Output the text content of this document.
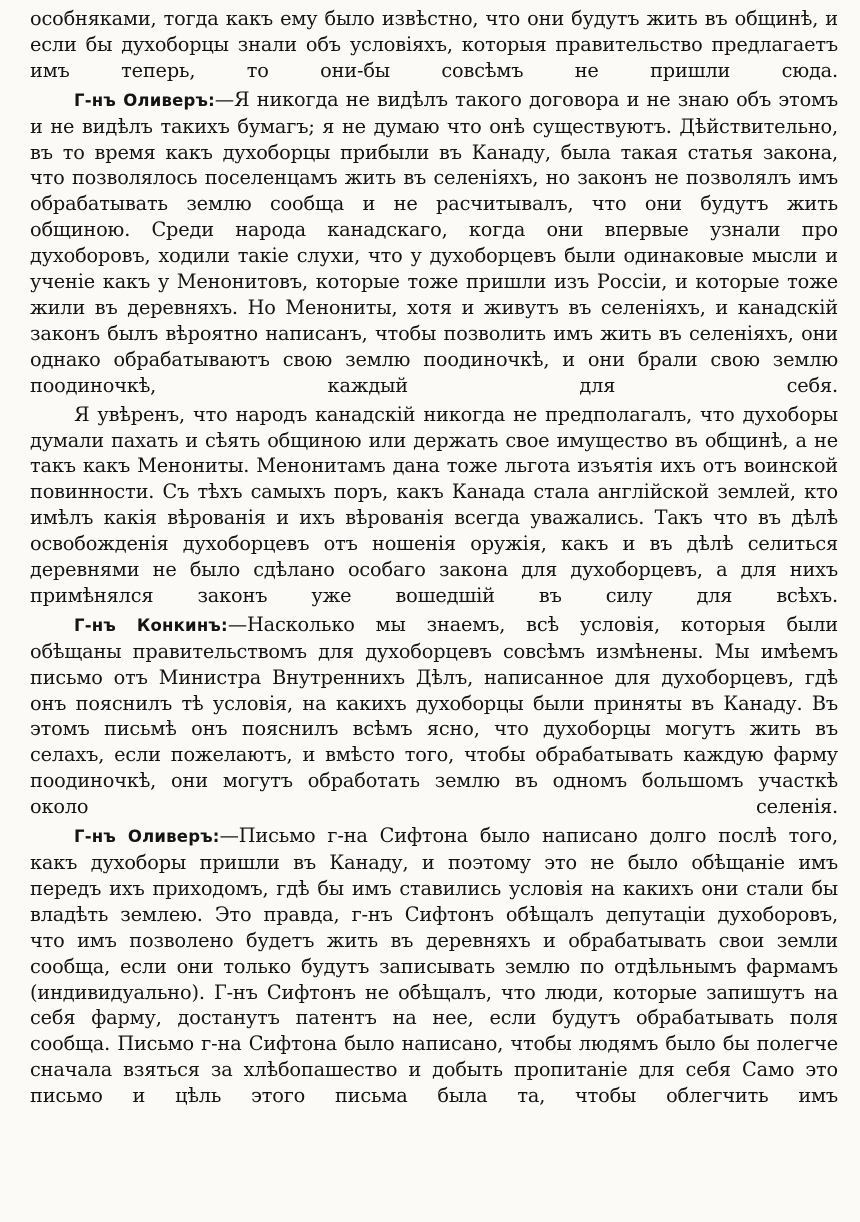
особняками, тогда какъ ему было извѣстно, что они будутъ жить въ общинѣ, и если бы духоборцы знали объ условіяхъ, которыя правительство предлагаетъ имъ теперь, то они-бы совсѣмъ не пришли сюда.

Г-нъ Оливеръ:—Я никогда не видѣлъ такого договора и не знаю объ этомъ и не видѣлъ такихъ бумагъ; я не думаю что онѣ существуютъ. Дѣйствительно, въ то время какъ духоборцы прибыли въ Канаду, была такая статья закона, что позволялось поселенцамъ жить въ селеніяхъ, но законъ не позволялъ имъ обрабатывать землю сообща и не расчитывалъ, что они будутъ жить общиною. Среди народа канадскаго, когда они впервые узнали про духоборовъ, ходили такіе слухи, что у духоборцевъ были одинаковые мысли и ученіе какъ у Менонитовъ, которые тоже пришли изъ Россіи, и которые тоже жили въ деревняхъ. Но Менониты, хотя и живутъ въ селеніяхъ, и канадскій законъ былъ вѣроятно написанъ, чтобы позволить имъ жить въ селеніяхъ, они однако обрабатываютъ свою землю поодиночкѣ, и они брали свою землю поодиночкѣ, каждый для себя.

Я увѣренъ, что народъ канадскій никогда не предполагалъ, что духоборы думали пахать и сѣять общиною или держать свое имущество въ общинѣ, а не такъ какъ Менониты. Менонитамъ дана тоже льгота изъятія ихъ отъ воинской повинности. Съ тѣхъ самыхъ поръ, какъ Канада стала англійской землей, кто имѣлъ какія вѣрованія и ихъ вѣрованія всегда уважались. Такъ что въ дѣлѣ освобожденія духоборцевъ отъ ношенія оружія, какъ и въ дѣлѣ селиться деревнями не было сдѣлано особаго закона для духоборцевъ, а для нихъ примѣнялся законъ уже вошедшій въ силу для всѣхъ.

Г-нъ Конкинъ:—Насколько мы знаемъ, всѣ условія, которыя были обѣщаны правительствомъ для духоборцевъ совсѣмъ измѣнены. Мы имѣемъ письмо отъ Министра Внутреннихъ Дѣлъ, написанное для духоборцевъ, гдѣ онъ пояснилъ тѣ условія, на какихъ духоборцы были приняты въ Канаду. Въ этомъ письмѣ онъ пояснилъ всѣмъ ясно, что духоборцы могутъ жить въ селахъ, если пожелаютъ, и вмѣсто того, чтобы обрабатывать каждую фарму поодиночкѣ, они могутъ обработать землю въ одномъ большомъ участкѣ около селенія.

Г-нъ Оливеръ:—Письмо г-на Сифтона было написано долго послѣ того, какъ духоборы пришли въ Канаду, и поэтому это не было обѣщаніе имъ передъ ихъ приходомъ, гдѣ бы имъ ставились условія на какихъ они стали бы владѣть землею. Это правда, г-нъ Сифтонъ обѣщалъ депутаціи духоборовъ, что имъ позволено будетъ жить въ деревняхъ и обрабатывать свои земли сообща, если они только будутъ записывать землю по отдѣльнымъ фармамъ (индивидуально). Г-нъ Сифтонъ не обѣщалъ, что люди, которые запишутъ на себя фарму, достанутъ патентъ на нее, если будутъ обрабатывать поля сообща. Письмо г-на Сифтона было написано, чтобы людямъ было бы полегче сначала взяться за хлѣбопашество и добыть пропитаніе для себя Само это письмо и цѣль этого письма была та, чтобы облегчить имъ
